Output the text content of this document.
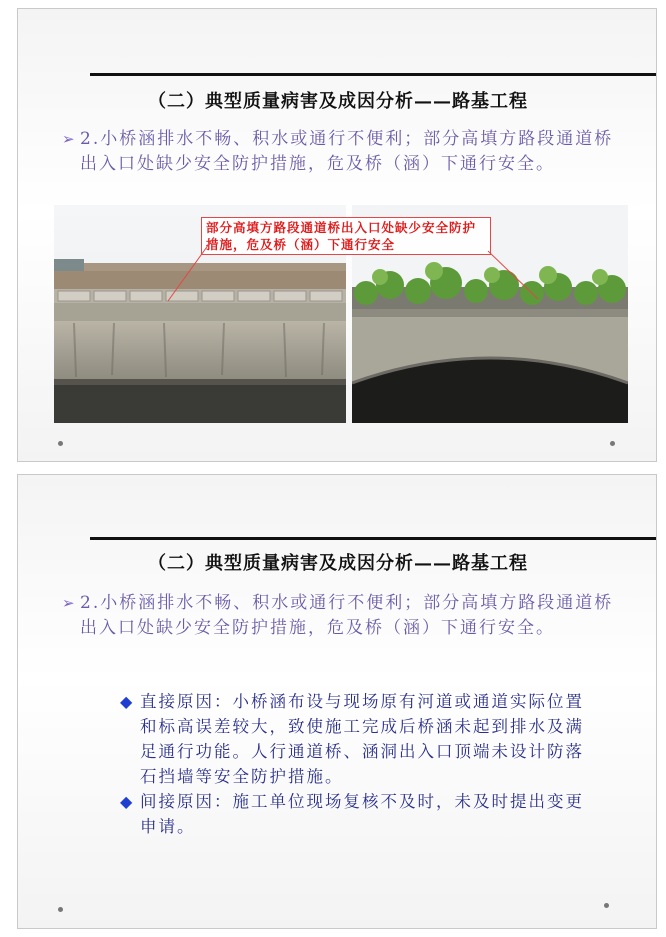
（二）典型质量病害及成因分析——路基工程
➢ 2.小桥涵排水不畅、积水或通行不便利；部分高填方路段通道桥出入口处缺少安全防护措施，危及桥（涵）下通行安全。
部分高填方路段通道桥出入口处缺少安全防护措施，危及桥（涵）下通行安全
（二）典型质量病害及成因分析——路基工程
➢ 2.小桥涵排水不畅、积水或通行不便利；部分高填方路段通道桥出入口处缺少安全防护措施，危及桥（涵）下通行安全。
◆ 直接原因：小桥涵布设与现场原有河道或通道实际位置和标高误差较大，致使施工完成后桥涵未起到排水及满足通行功能。人行通道桥、涵洞出入口顶端未设计防落石挡墙等安全防护措施。
◆ 间接原因：施工单位现场复核不及时，未及时提出变更申请。
